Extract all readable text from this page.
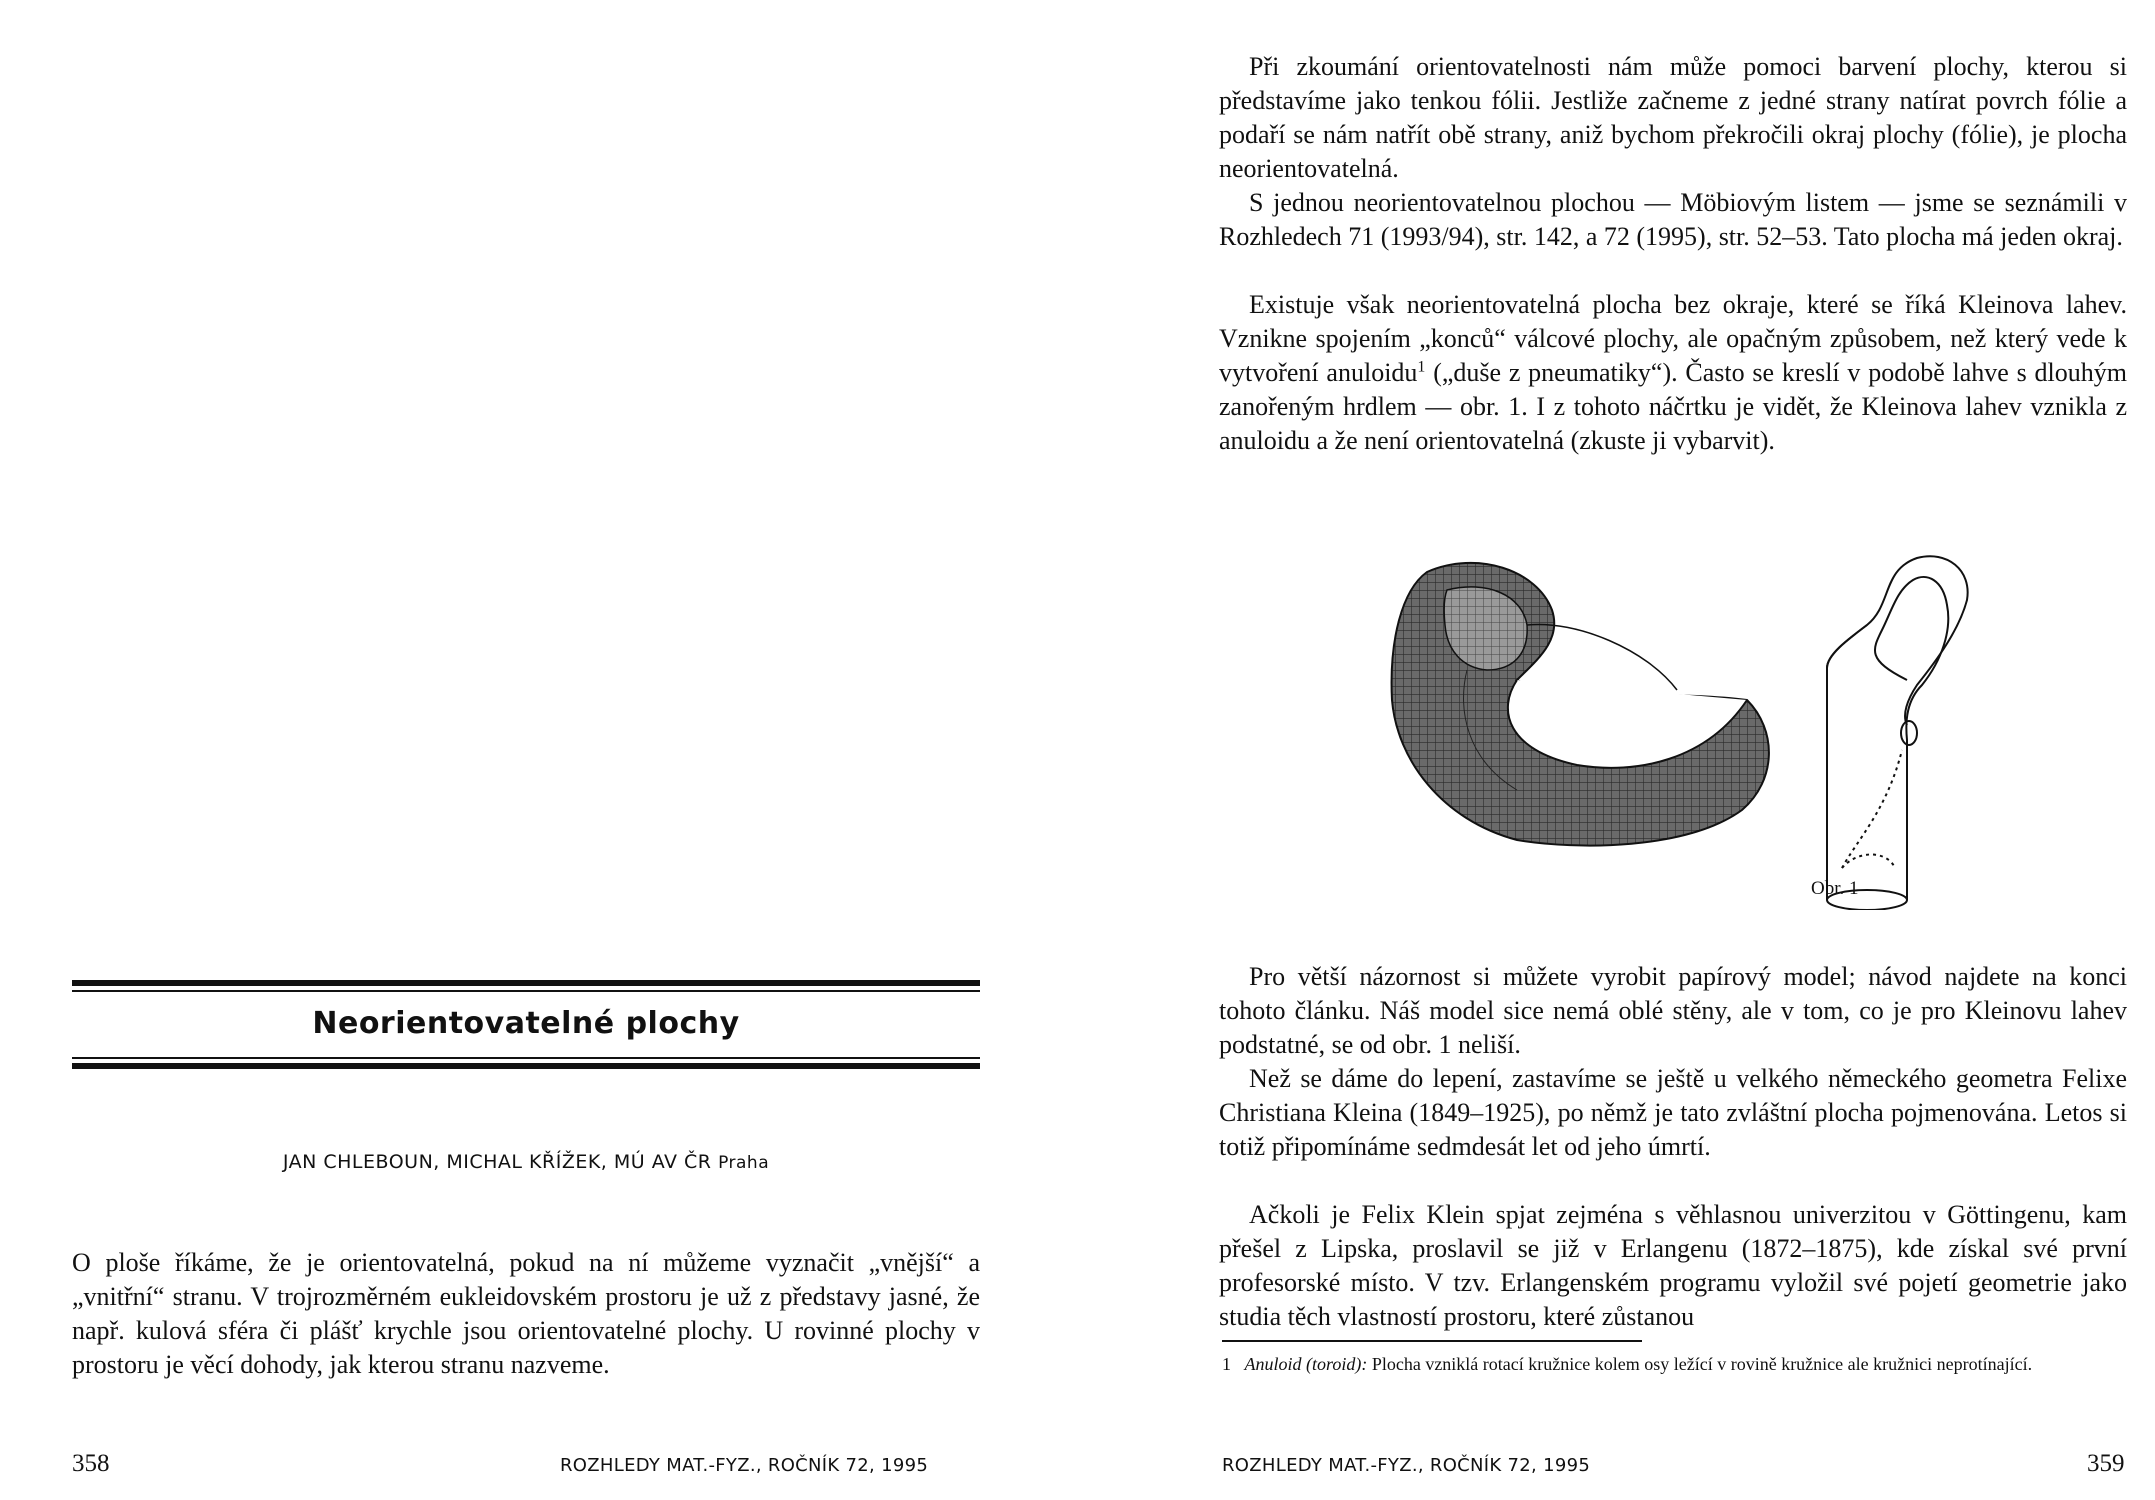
Neorientovatelné plochy
JAN CHLEBOUN, MICHAL KŘÍŽEK, MÚ AV ČR Praha

O ploše říkáme, že je orientovatelná, pokud na ní můžeme vyznačit „vnější“ a „vnitřní“ stranu. V trojrozměrném eukleidovském prostoru je už z představy jasné, že např. kulová sféra či plášť krychle jsou orientovatelné plochy. U rovinné plochy v prostoru je věcí dohody, jak kterou stranu nazveme.

358	ROZHLEDY MAT.-FYZ., ROČNÍK 72, 1995

Při zkoumání orientovatelnosti nám může pomoci barvení plochy, kterou si představíme jako tenkou fólii. Jestliže začneme z jedné strany natírat povrch fólie a podaří se nám natřít obě strany, aniž bychom překročili okraj plochy (fólie), je plocha neorientovatelná.

S jednou neorientovatelnou plochou — Möbiovým listem — jsme se seznámili v Rozhledech 71 (1993/94), str. 142, a 72 (1995), str. 52–53. Tato plocha má jeden okraj.

Existuje však neorientovatelná plocha bez okraje, které se říká Kleinova lahev. Vznikne spojením „konců“ válcové plochy, ale opačným způsobem, než který vede k vytvoření anuloidu$^1$ („duše z pneumatiky“). Často se kreslí v podobě lahve s dlouhým zanořeným hrdlem — obr. 1. I z tohoto náčrtku je vidět, že Kleinova lahev vznikla z anuloidu a že není orientovatelná (zkuste ji vybarvit).

Obr. 1

Pro větší názornost si můžete vyrobit papírový model; návod najdete na konci tohoto článku. Náš model sice nemá oblé stěny, ale v tom, co je pro Kleinovu lahev podstatné, se od obr. 1 neliší.

Než se dáme do lepení, zastavíme se ještě u velkého německého geometra Felixe Christiana Kleina (1849–1925), po němž je tato zvláštní plocha pojmenována. Letos si totiž připomínáme sedmdesát let od jeho úmrtí.

Ačkoli je Felix Klein spjat zejména s věhlasnou univerzitou v Göttingenu, kam přešel z Lipska, proslavil se již v Erlangenu (1872–1875), kde získal své první profesorské místo. V tzv. Erlangenském programu vyložil své pojetí geometrie jako studia těch vlastností prostoru, které zůstanou

1 Anuloid (toroid): Plocha vzniklá rotací kružnice kolem osy ležící v rovině kružnice ale kružnici neprotínající.

ROZHLEDY MAT.-FYZ., ROČNÍK 72, 1995	359
